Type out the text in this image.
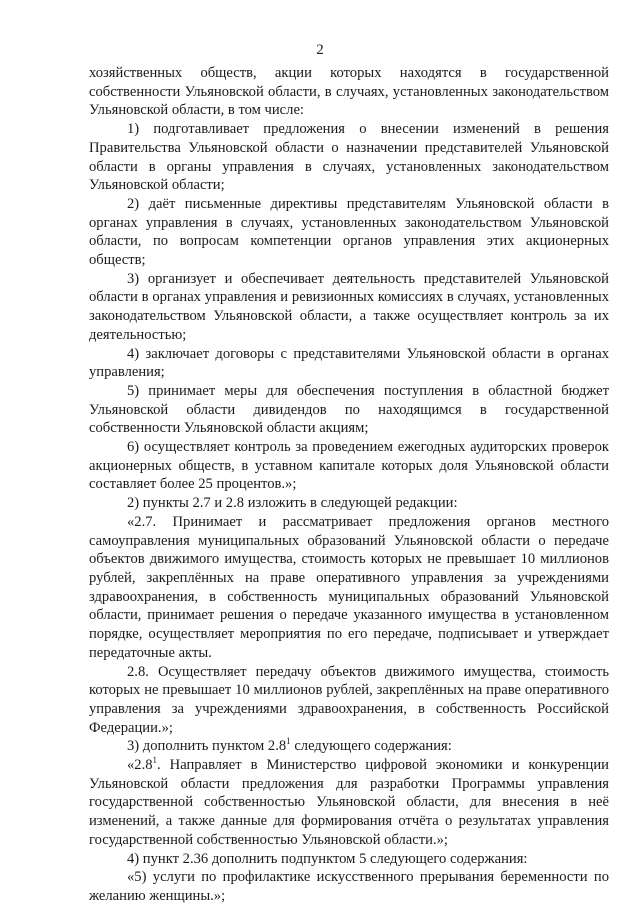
2

хозяйственных обществ, акции которых находятся в государственной собственности Ульяновской области, в случаях, установленных законодательством Ульяновской области, в том числе:

1) подготавливает предложения о внесении изменений в решения Правительства Ульяновской области о назначении представителей Ульяновской области в органы управления в случаях, установленных законодательством Ульяновской области;

2) даёт письменные директивы представителям Ульяновской области в органах управления в случаях, установленных законодательством Ульяновской области, по вопросам компетенции органов управления этих акционерных обществ;

3) организует и обеспечивает деятельность представителей Ульяновской области в органах управления и ревизионных комиссиях в случаях, установленных законодательством Ульяновской области, а также осуществляет контроль за их деятельностью;

4) заключает договоры с представителями Ульяновской области в органах управления;

5) принимает меры для обеспечения поступления в областной бюджет Ульяновской области дивидендов по находящимся в государственной собственности Ульяновской области акциям;

6) осуществляет контроль за проведением ежегодных аудиторских проверок акционерных обществ, в уставном капитале которых доля Ульяновской области составляет более 25 процентов.»;

2) пункты 2.7 и 2.8 изложить в следующей редакции:

«2.7. Принимает и рассматривает предложения органов местного самоуправления муниципальных образований Ульяновской области о передаче объектов движимого имущества, стоимость которых не превышает 10 миллионов рублей, закреплённых на праве оперативного управления за учреждениями здравоохранения, в собственность муниципальных образований Ульяновской области, принимает решения о передаче указанного имущества в установленном порядке, осуществляет мероприятия по его передаче, подписывает и утверждает передаточные акты.

2.8. Осуществляет передачу объектов движимого имущества, стоимость которых не превышает 10 миллионов рублей, закреплённых на праве оперативного управления за учреждениями здравоохранения, в собственность Российской Федерации.»;

3) дополнить пунктом $2.8^1$ следующего содержания:

«$2.8^1$. Направляет в Министерство цифровой экономики и конкуренции Ульяновской области предложения для разработки Программы управления государственной собственностью Ульяновской области, для внесения в неё изменений, а также данные для формирования отчёта о результатах управления государственной собственностью Ульяновской области.»;

4) пункт 2.36 дополнить подпунктом 5 следующего содержания:

«5) услуги по профилактике искусственного прерывания беременности по желанию женщины.»;
